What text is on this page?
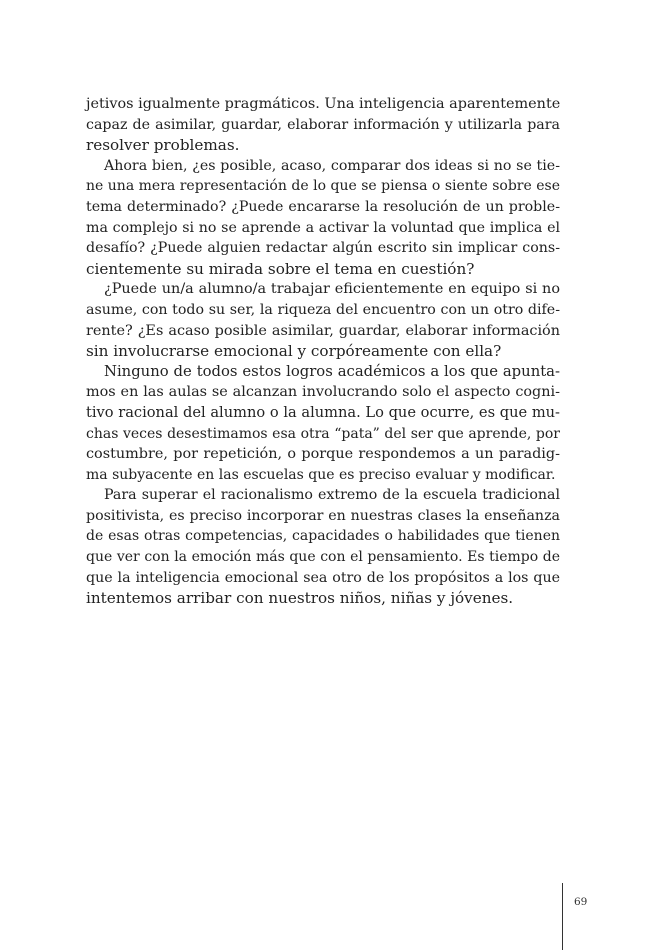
jetivos igualmente pragmáticos. Una inteligencia aparentemente
capaz de asimilar, guardar, elaborar información y utilizarla para
resolver problemas.
Ahora bien, ¿es posible, acaso, comparar dos ideas si no se tie-
ne una mera representación de lo que se piensa o siente sobre ese
tema determinado? ¿Puede encararse la resolución de un proble-
ma complejo si no se aprende a activar la voluntad que implica el
desafío? ¿Puede alguien redactar algún escrito sin implicar cons-
cientemente su mirada sobre el tema en cuestión?
¿Puede un/a alumno/a trabajar eficientemente en equipo si no
asume, con todo su ser, la riqueza del encuentro con un otro dife-
rente? ¿Es acaso posible asimilar, guardar, elaborar información
sin involucrarse emocional y corpóreamente con ella?
Ninguno de todos estos logros académicos a los que apunta-
mos en las aulas se alcanzan involucrando solo el aspecto cogni-
tivo racional del alumno o la alumna. Lo que ocurre, es que mu-
chas veces desestimamos esa otra “pata” del ser que aprende, por
costumbre, por repetición, o porque respondemos a un paradig-
ma subyacente en las escuelas que es preciso evaluar y modificar.
Para superar el racionalismo extremo de la escuela tradicional
positivista, es preciso incorporar en nuestras clases la enseñanza
de esas otras competencias, capacidades o habilidades que tienen
que ver con la emoción más que con el pensamiento. Es tiempo de
que la inteligencia emocional sea otro de los propósitos a los que
intentemos arribar con nuestros niños, niñas y jóvenes.
69
